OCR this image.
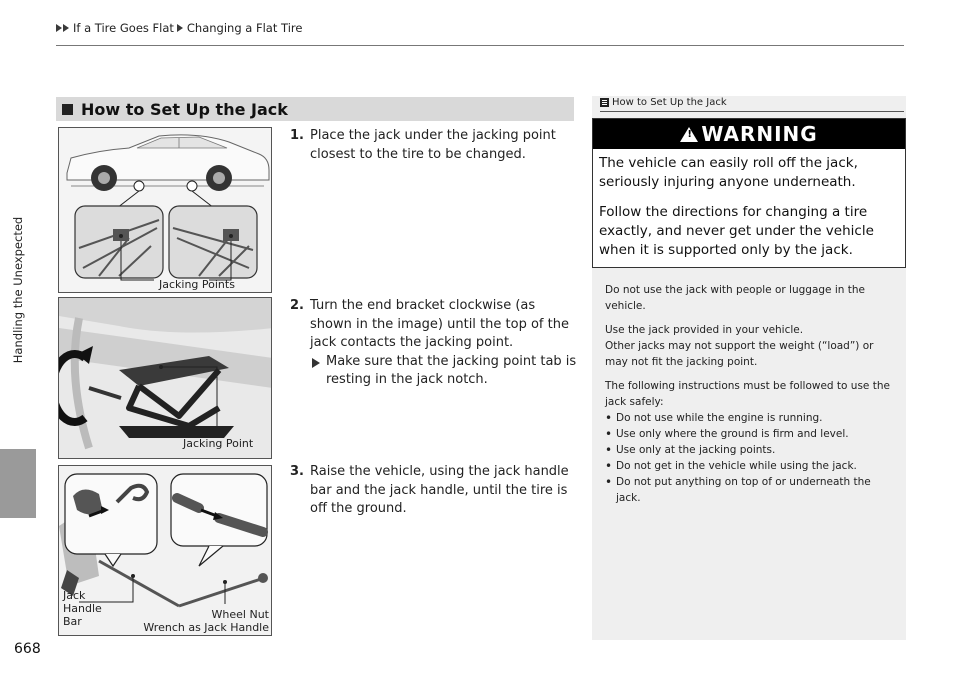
If a Tire Goes Flat Changing a Flat Tire
Handling the Unexpected
668
How to Set Up the Jack
Jacking Points
Jacking Point
Jack
Handle
Bar
Wheel Nut
Wrench as Jack Handle
1. Place the jack under the jacking point closest to the tire to be changed.
2. Turn the end bracket clockwise (as shown in the image) until the top of the jack contacts the jacking point.
Make sure that the jacking point tab is resting in the jack notch.
3. Raise the vehicle, using the jack handle bar and the jack handle, until the tire is off the ground.
How to Set Up the Jack
!
WARNING

The vehicle can easily roll off the jack, seriously injuring anyone underneath.

Follow the directions for changing a tire exactly, and never get under the vehicle when it is supported only by the jack.

Do not use the jack with people or luggage in the vehicle.

Use the jack provided in your vehicle.
Other jacks may not support the weight (“load”) or may not fit the jacking point.

The following instructions must be followed to use the jack safely:

• Do not use while the engine is running.
• Use only where the ground is firm and level.
• Use only at the jacking points.
• Do not get in the vehicle while using the jack.
• Do not put anything on top of or underneath the jack.
